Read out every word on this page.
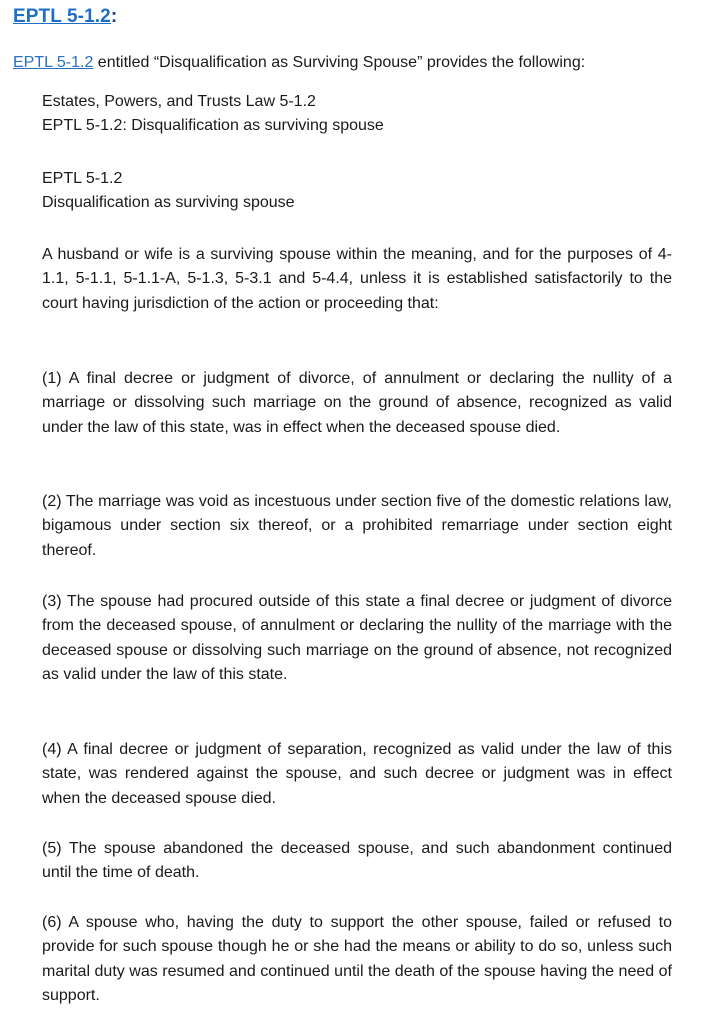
EPTL 5-1.2:
EPTL 5-1.2 entitled “Disqualification as Surviving Spouse” provides the following:

Estates, Powers, and Trusts Law 5-1.2

EPTL 5-1.2: Disqualification as surviving spouse

EPTL 5-1.2

Disqualification as surviving spouse

A husband or wife is a surviving spouse within the meaning, and for the purposes of 4-1.1, 5-1.1, 5-1.1-A, 5-1.3, 5-3.1 and 5-4.4, unless it is established satisfactorily to the court having jurisdiction of the action or proceeding that:

(1) A final decree or judgment of divorce, of annulment or declaring the nullity of a marriage or dissolving such marriage on the ground of absence, recognized as valid under the law of this state, was in effect when the deceased spouse died.

(2) The marriage was void as incestuous under section five of the domestic relations law, bigamous under section six thereof, or a prohibited remarriage under section eight thereof.

(3) The spouse had procured outside of this state a final decree or judgment of divorce from the deceased spouse, of annulment or declaring the nullity of the marriage with the deceased spouse or dissolving such marriage on the ground of absence, not recognized as valid under the law of this state.

(4) A final decree or judgment of separation, recognized as valid under the law of this state, was rendered against the spouse, and such decree or judgment was in effect when the deceased spouse died.

(5) The spouse abandoned the deceased spouse, and such abandonment continued until the time of death.

(6) A spouse who, having the duty to support the other spouse, failed or refused to provide for such spouse though he or she had the means or ability to do so, unless such marital duty was resumed and continued until the death of the spouse having the need of support.
